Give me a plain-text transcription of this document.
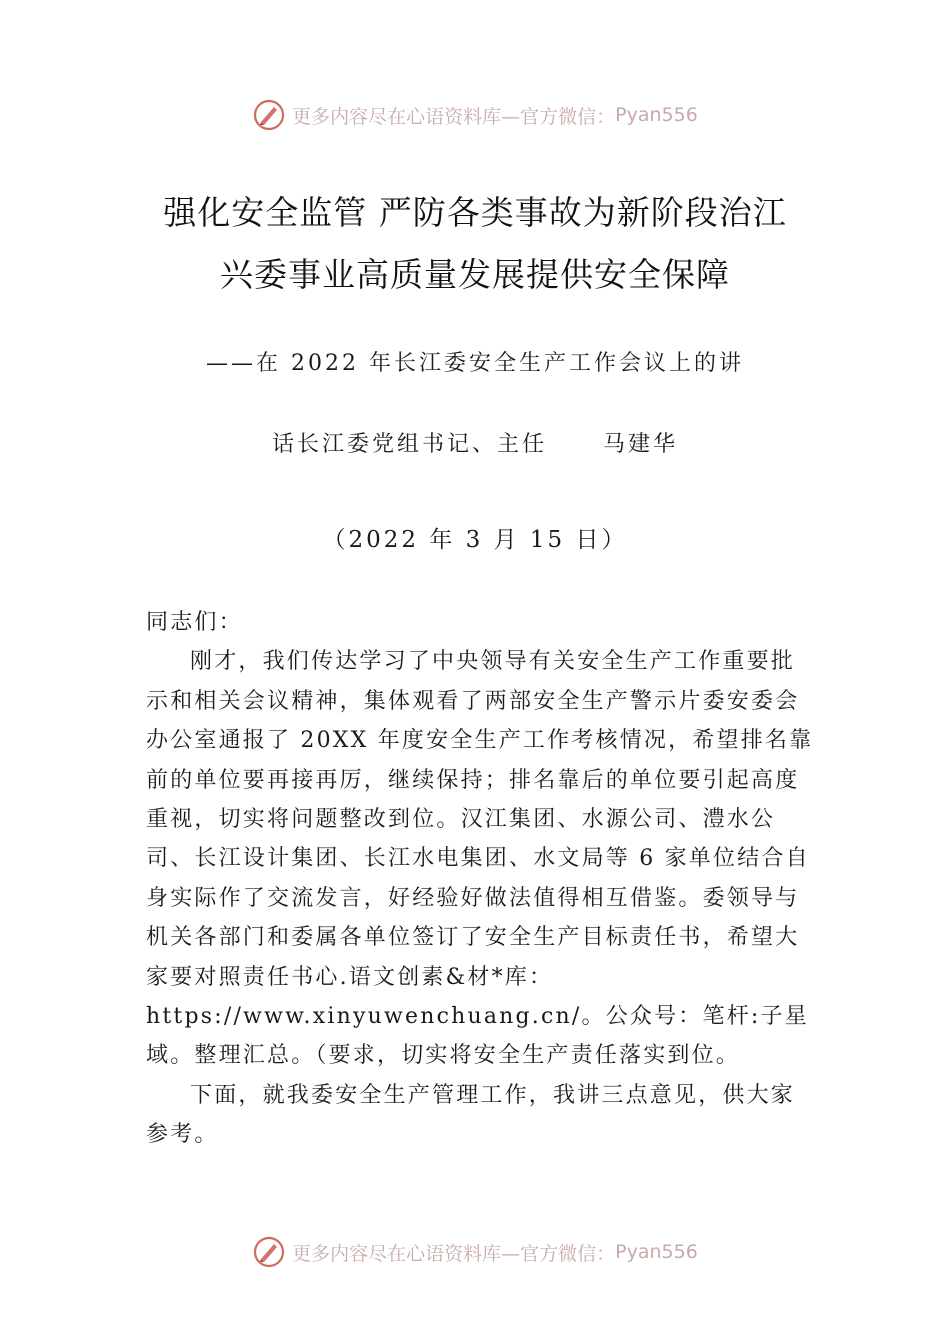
更多内容尽在心语资料库—官方微信： Pyan556
强化安全监管 严防各类事故为新阶段治江
兴委事业高质量发展提供安全保障
——在 2022 年长江委安全生产工作会议上的讲
话长江委党组书记、主任	马建华
（2022 年 3 月 15 日）

同志们：

刚才，我们传达学习了中央领导有关安全生产工作重要批示和相关会议精神，集体观看了两部安全生产警示片委安委会办公室通报了 20XX 年度安全生产工作考核情况，希望排名靠前的单位要再接再厉，继续保持；排名靠后的单位要引起高度重视，切实将问题整改到位。汉江集团、水源公司、澧水公司、长江设计集团、长江水电集团、水文局等 6 家单位结合自身实际作了交流发言，好经验好做法值得相互借鉴。委领导与机关各部门和委属各单位签订了安全生产目标责任书，希望大家要对照责任书心.语文创素&材*库：https://www.xinyuwenchuang.cn/。公众号：笔杆:子星域。整理汇总。（要求，切实将安全生产责任落实到位。

下面，就我委安全生产管理工作，我讲三点意见，供大家参考。

更多内容尽在心语资料库—官方微信： Pyan556
